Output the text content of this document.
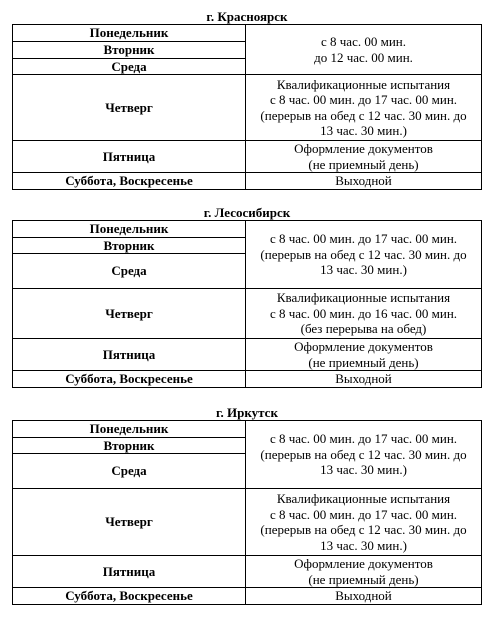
г. Красноярск
Понедельник	с 8 час. 00 мин.
до 12 час. 00 мин.

Вторник	
Среда	
Четверг	Квалификационные испытания
с 8 час. 00 мин. до 17 час. 00 мин.
(перерыв на обед с 12 час. 30 мин. до
13 час. 30 мин.)

Пятница	Оформление документов
(не приемный день)

Суббота, Воскресенье	Выходной
г. Лесосибирск
Понедельник	с 8 час. 00 мин. до 17 час. 00 мин.
(перерыв на обед с 12 час. 30 мин. до
13 час. 30 мин.)

Вторник	
Среда	
Четверг	Квалификационные испытания
с 8 час. 00 мин. до 16 час. 00 мин.
(без перерыва на обед)

Пятница	Оформление документов
(не приемный день)

Суббота, Воскресенье	Выходной
г. Иркутск
Понедельник	с 8 час. 00 мин. до 17 час. 00 мин.
(перерыв на обед с 12 час. 30 мин. до
13 час. 30 мин.)

Вторник	
Среда	
Четверг	Квалификационные испытания
с 8 час. 00 мин. до 17 час. 00 мин.
(перерыв на обед с 12 час. 30 мин. до
13 час. 30 мин.)

Пятница	Оформление документов
(не приемный день)

Суббота, Воскресенье	Выходной
